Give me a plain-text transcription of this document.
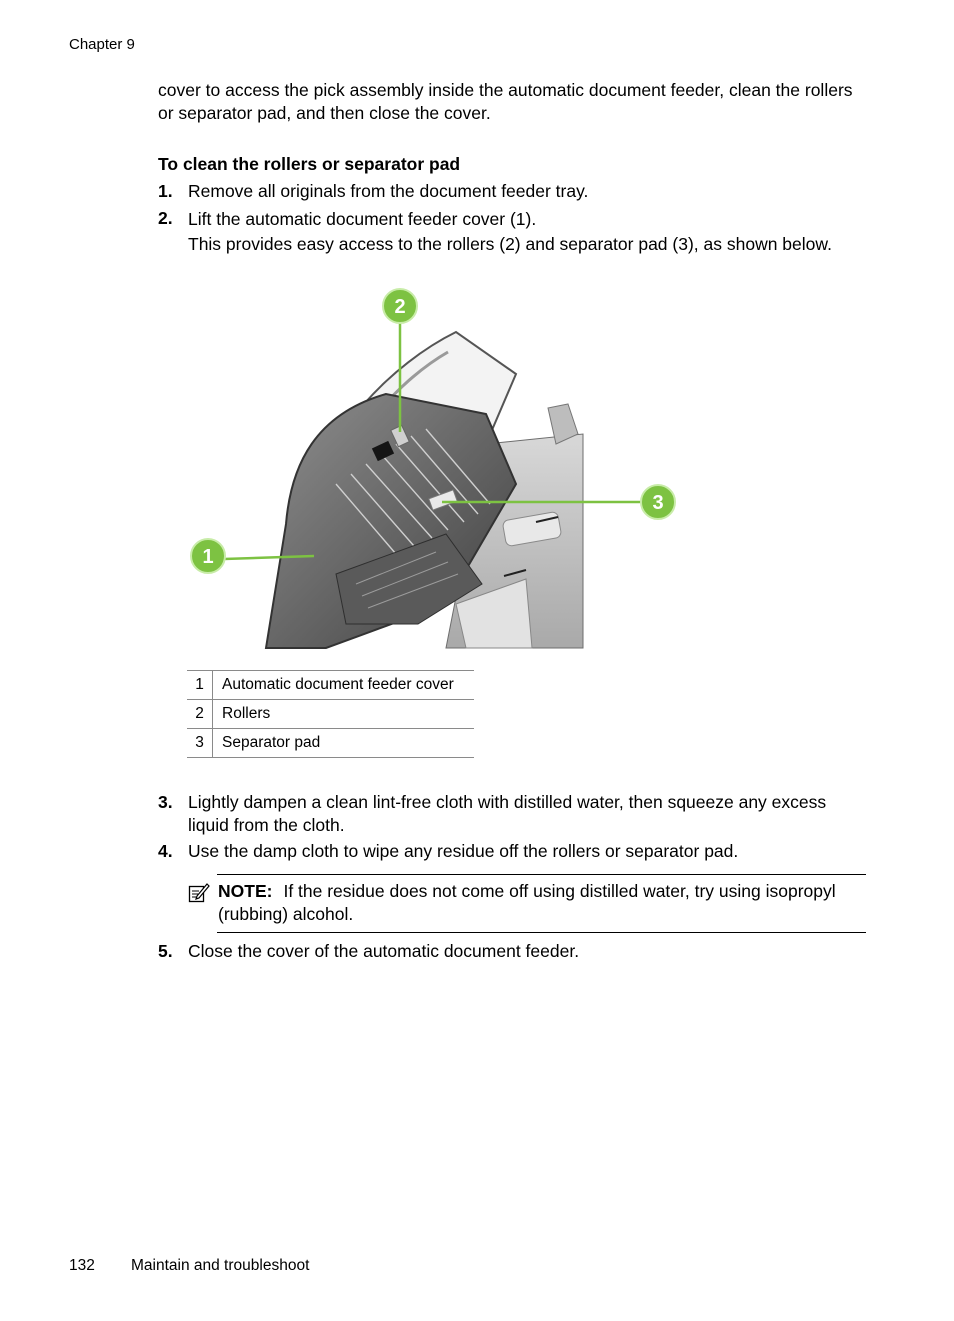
Chapter 9
cover to access the pick assembly inside the automatic document feeder, clean the rollers or separator pad, and then close the cover.
To clean the rollers or separator pad
1. Remove all originals from the document feeder tray.
2. Lift the automatic document feeder cover (1).
This provides easy access to the rollers (2) and separator pad (3), as shown below.
2
3
1
1	Automatic document feeder cover
2	Rollers
3	Separator pad
3. Lightly dampen a clean lint-free cloth with distilled water, then squeeze any excess liquid from the cloth.
4. Use the damp cloth to wipe any residue off the rollers or separator pad.
NOTE: If the residue does not come off using distilled water, try using isopropyl (rubbing) alcohol.
5. Close the cover of the automatic document feeder.
132 Maintain and troubleshoot
